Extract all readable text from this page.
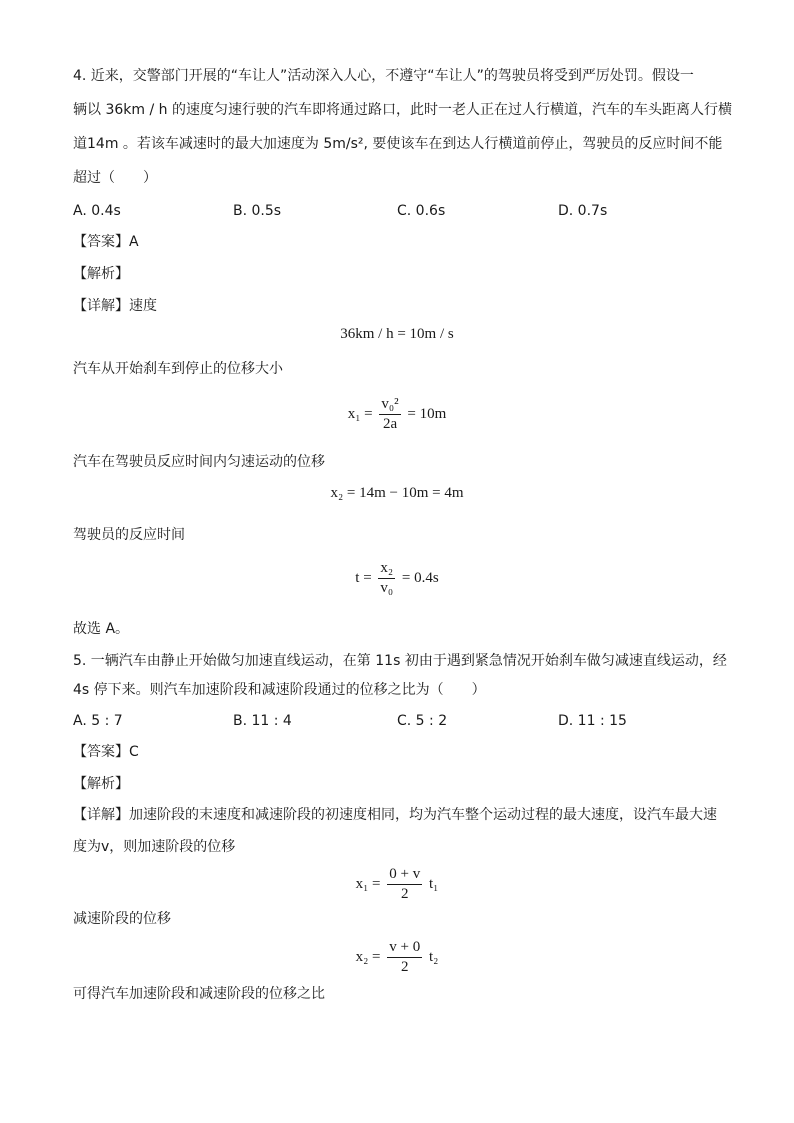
4. 近来，交警部门开展的“车让人”活动深入人心，不遵守“车让人”的驾驶员将受到严厉处罚。假设一
辆以 36km / h 的速度匀速行驶的汽车即将通过路口，此时一老人正在过人行横道，汽车的车头距离人行横
道14m 。若该车减速时的最大加速度为 5m/s², 要使该车在到达人行横道前停止，驾驶员的反应时间不能
超过（　　）
A. 0.4s	B. 0.5s	C. 0.6s	D. 0.7s
【答案】A
【解析】
【详解】速度
36km / h = 10m / s
汽车从开始刹车到停止的位移大小
$x_1 = \frac{\text{v₀²}}{2a} = 10m$
汽车在驾驶员反应时间内匀速运动的位移
x₂ = 14m − 10m = 4m
驾驶员的反应时间
$t = \frac{\text{x₂}}{\text{v₀}} = 0.4s$
故选 A。
5. 一辆汽车由静止开始做匀加速直线运动，在第 11s 初由于遇到紧急情况开始刹车做匀减速直线运动，经
4s 停下来。则汽车加速阶段和减速阶段通过的位移之比为（　　）
A. 5 : 7	B. 11 : 4	C. 5 : 2	D. 11 : 15
【答案】C
【解析】
【详解】加速阶段的末速度和减速阶段的初速度相同，均为汽车整个运动过程的最大速度，设汽车最大速
度为v，则加速阶段的位移
$x_1 = \frac{0 + v}{2} t_1$
减速阶段的位移
$x_2 = \frac{v + 0}{2} t_2$
可得汽车加速阶段和减速阶段的位移之比
